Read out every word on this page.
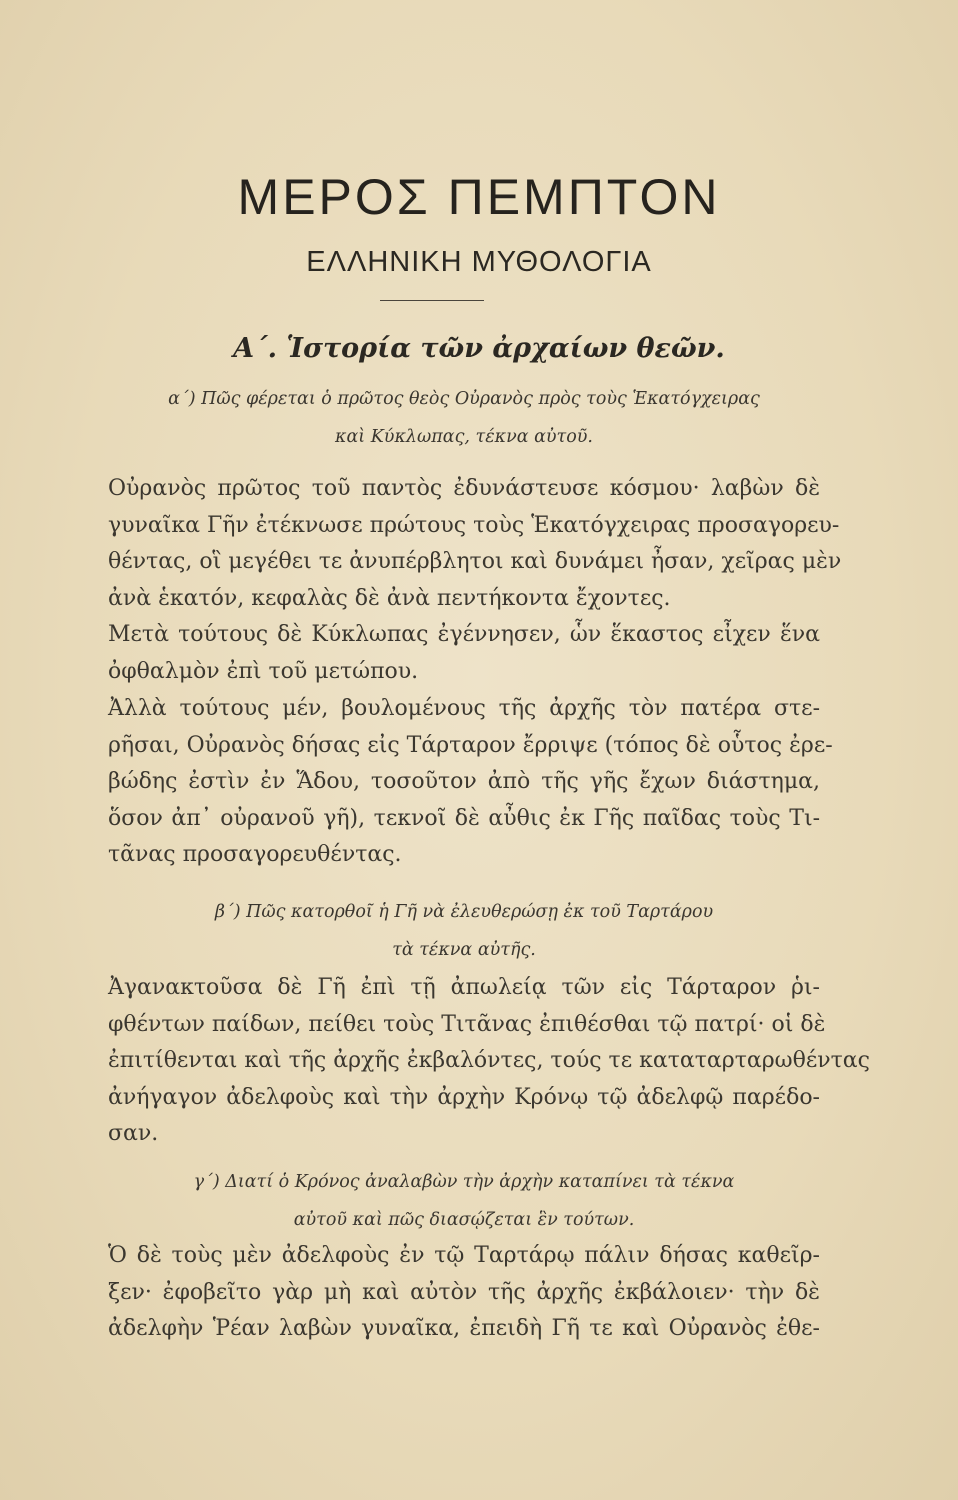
ΜΕΡΟΣ ΠΕΜΠΤΟΝ
ΕΛΛΗΝΙΚΗ ΜΥΘΟΛΟΓΙΑ
Α΄. Ἱστορία τῶν ἀρχαίων θεῶν.
α΄) Πῶς φέρεται ὁ πρῶτος θεὸς Οὐρανὸς πρὸς τοὺς Ἑκατόγχειρας
καὶ Κύκλωπας, τέκνα αὐτοῦ.
Οὐρανὸς πρῶτος τοῦ παντὸς ἐδυνάστευσε κόσμου· λαβὼν δὲ
γυναῖκα Γῆν ἐτέκνωσε πρώτους τοὺς Ἑκατόγχειρας προσαγορευ-
θέντας, οἳ μεγέθει τε ἀνυπέρβλητοι καὶ δυνάμει ἦσαν, χεῖρας μὲν
ἀνὰ ἑκατόν, κεφαλὰς δὲ ἀνὰ πεντήκοντα ἔχοντες.
Μετὰ τούτους δὲ Κύκλωπας ἐγέννησεν, ὧν ἕκαστος εἶχεν ἕνα
ὀφθαλμὸν ἐπὶ τοῦ μετώπου.
Ἀλλὰ τούτους μέν, βουλομένους τῆς ἀρχῆς τὸν πατέρα στε-
ρῆσαι, Οὐρανὸς δήσας εἰς Τάρταρον ἔρριψε (τόπος δὲ οὗτος ἐρε-
βώδης ἐστὶν ἐν Ἅδου, τοσοῦτον ἀπὸ τῆς γῆς ἔχων διάστημα,
ὅσον ἀπ᾿ οὐρανοῦ γῆ), τεκνοῖ δὲ αὖθις ἐκ Γῆς παῖδας τοὺς Τι-
τᾶνας προσαγορευθέντας.
β΄) Πῶς κατορθοῖ ἡ Γῆ νὰ ἐλευθερώσῃ ἐκ τοῦ Ταρτάρου
τὰ τέκνα αὐτῆς.
Ἀγανακτοῦσα δὲ Γῆ ἐπὶ τῇ ἀπωλείᾳ τῶν εἰς Τάρταρον ῥι-
φθέντων παίδων, πείθει τοὺς Τιτᾶνας ἐπιθέσθαι τῷ πατρί· οἱ δὲ
ἐπιτίθενται καὶ τῆς ἀρχῆς ἐκβαλόντες, τούς τε καταταρταρωθέντας
ἀνήγαγον ἀδελφοὺς καὶ τὴν ἀρχὴν Κρόνῳ τῷ ἀδελφῷ παρέδο-
σαν.
γ΄) Διατί ὁ Κρόνος ἀναλαβὼν τὴν ἀρχὴν καταπίνει τὰ τέκνα
αὐτοῦ καὶ πῶς διασῴζεται ἓν τούτων.
Ὁ δὲ τοὺς μὲν ἀδελφοὺς ἐν τῷ Ταρτάρῳ πάλιν δήσας καθεῖρ-
ξεν· ἐφοβεῖτο γὰρ μὴ καὶ αὐτὸν τῆς ἀρχῆς ἐκβάλοιεν· τὴν δὲ
ἀδελφὴν Ῥέαν λαβὼν γυναῖκα, ἐπειδὴ Γῆ τε καὶ Οὐρανὸς ἐθε-
